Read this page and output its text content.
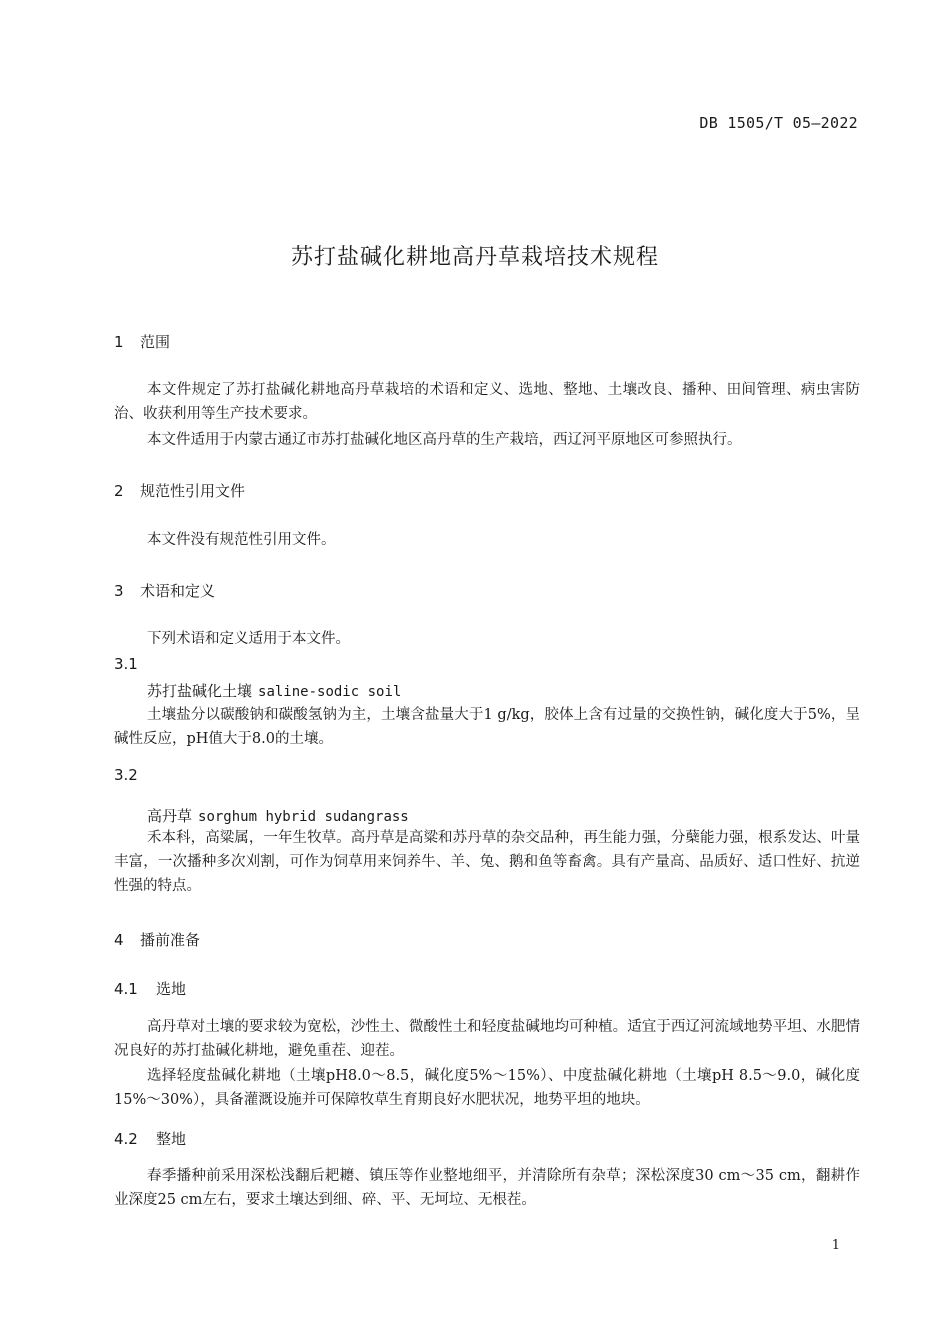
DB 1505/T 05—2022
苏打盐碱化耕地高丹草栽培技术规程
1 范围

本文件规定了苏打盐碱化耕地高丹草栽培的术语和定义、选地、整地、土壤改良、播种、田间管理、病虫害防治、收获利用等生产技术要求。

本文件适用于内蒙古通辽市苏打盐碱化地区高丹草的生产栽培，西辽河平原地区可参照执行。

2 规范性引用文件

本文件没有规范性引用文件。

3 术语和定义

下列术语和定义适用于本文件。

3.1
苏打盐碱化土壤 saline-sodic soil

土壤盐分以碳酸钠和碳酸氢钠为主，土壤含盐量大于1 g/kg，胶体上含有过量的交换性钠，碱化度大于5%，呈碱性反应，pH值大于8.0的土壤。

3.2
高丹草 sorghum hybrid sudangrass

禾本科，高粱属，一年生牧草。高丹草是高粱和苏丹草的杂交品种，再生能力强，分蘖能力强，根系发达、叶量丰富，一次播种多次刈割，可作为饲草用来饲养牛、羊、兔、鹅和鱼等畜禽。具有产量高、品质好、适口性好、抗逆性强的特点。

4 播前准备
4.1 选地

高丹草对土壤的要求较为宽松，沙性土、微酸性土和轻度盐碱地均可种植。适宜于西辽河流域地势平坦、水肥情况良好的苏打盐碱化耕地，避免重茬、迎茬。

选择轻度盐碱化耕地（土壤pH8.0～8.5，碱化度5%～15%）、中度盐碱化耕地（土壤pH 8.5～9.0，碱化度15%～30%），具备灌溉设施并可保障牧草生育期良好水肥状况，地势平坦的地块。

4.2 整地

春季播种前采用深松浅翻后耙耱、镇压等作业整地细平，并清除所有杂草；深松深度30 cm～35 cm，翻耕作业深度25 cm左右，要求土壤达到细、碎、平、无坷垃、无根茬。

1
